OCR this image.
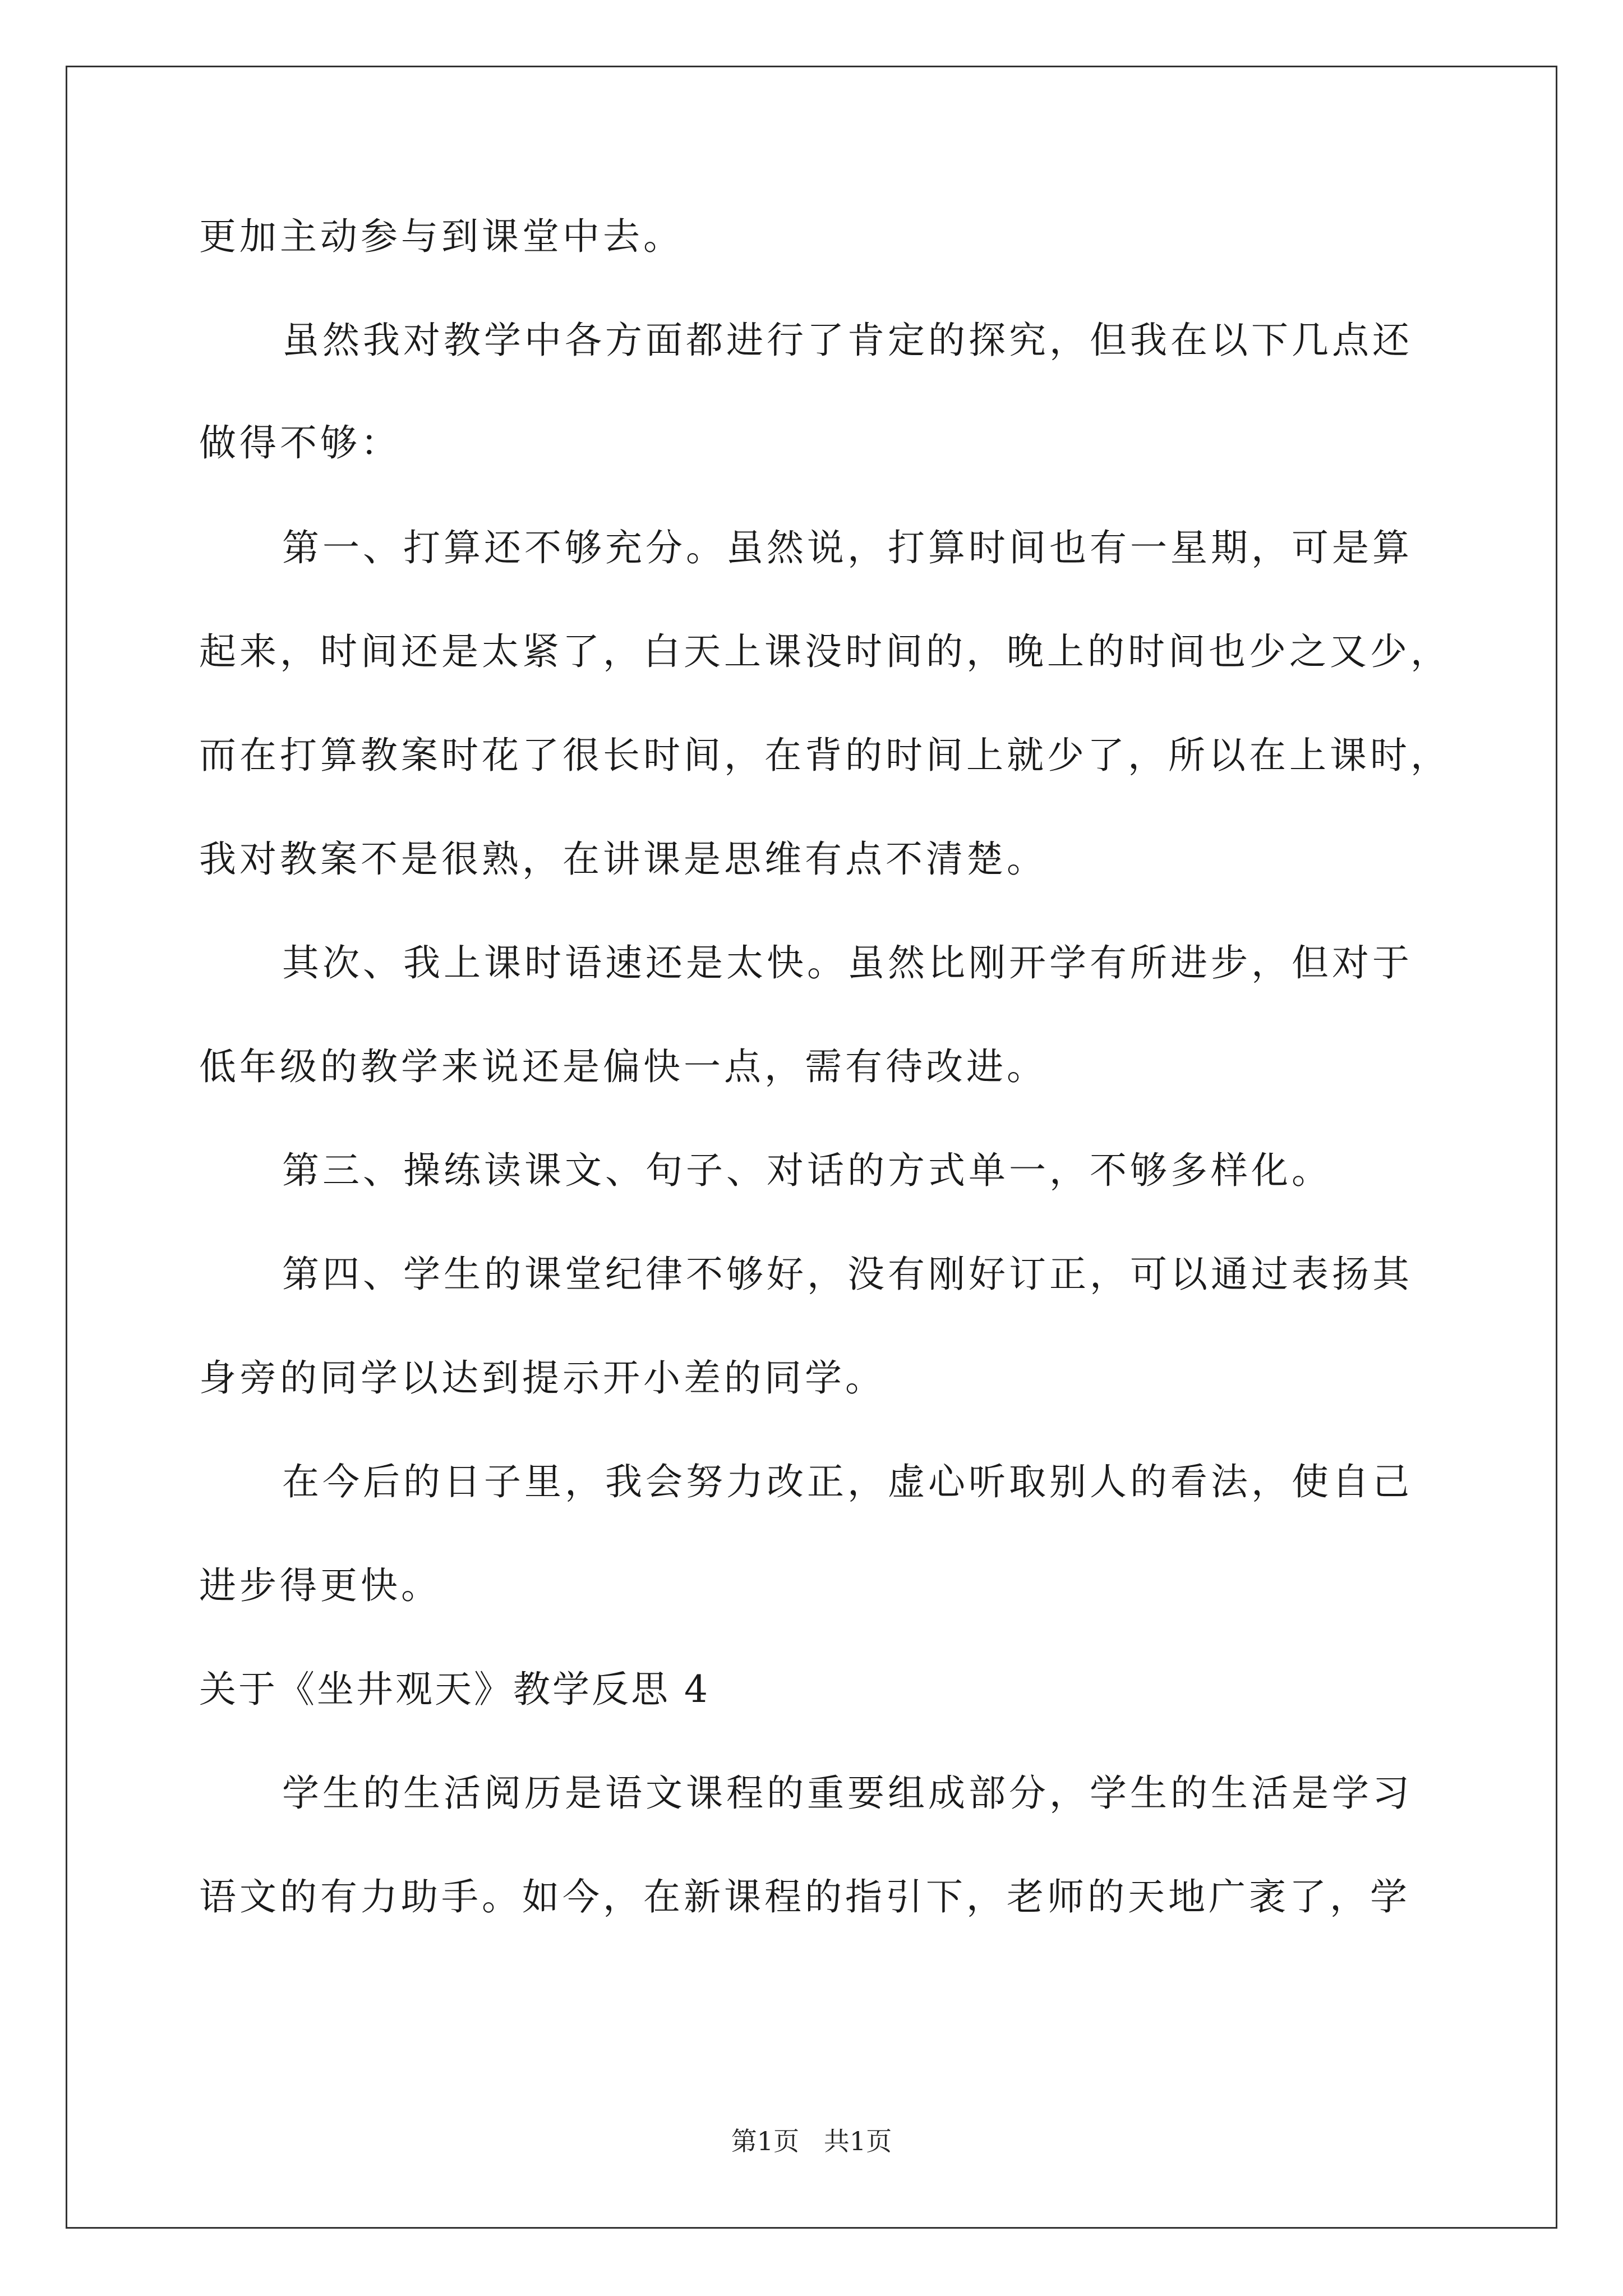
更加主动参与到课堂中去。
虽然我对教学中各方面都进行了肯定的探究，但我在以下几点还
做得不够：
第一、打算还不够充分。虽然说，打算时间也有一星期，可是算
起来，时间还是太紧了，白天上课没时间的，晚上的时间也少之又少，
而在打算教案时花了很长时间，在背的时间上就少了，所以在上课时，
我对教案不是很熟，在讲课是思维有点不清楚。
其次、我上课时语速还是太快。虽然比刚开学有所进步，但对于
低年级的教学来说还是偏快一点，需有待改进。
第三、操练读课文、句子、对话的方式单一，不够多样化。
第四、学生的课堂纪律不够好，没有刚好订正，可以通过表扬其
身旁的同学以达到提示开小差的同学。
在今后的日子里，我会努力改正，虚心听取别人的看法，使自己
进步得更快。
关于《坐井观天》教学反思 4
学生的生活阅历是语文课程的重要组成部分，学生的生活是学习
语文的有力助手。如今，在新课程的指引下，老师的天地广袤了，学
第1页   共1页
